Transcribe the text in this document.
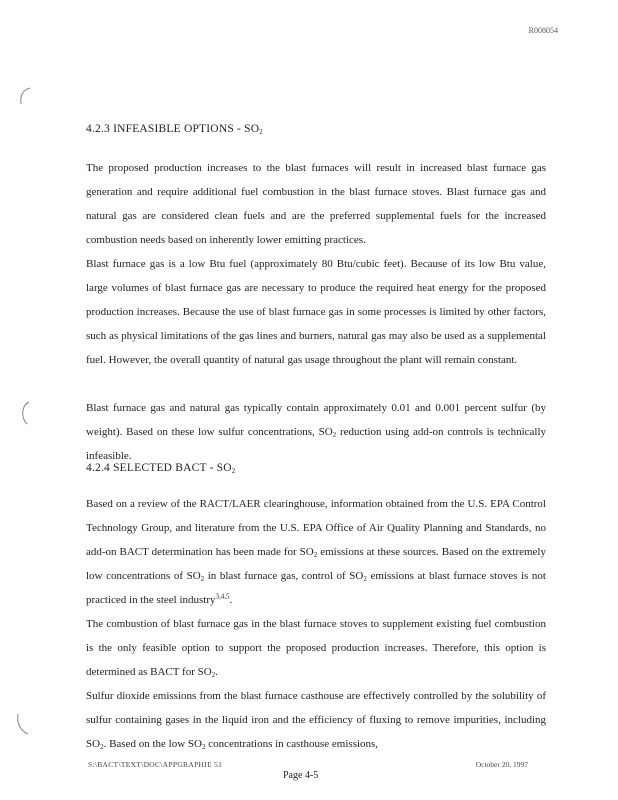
R008054
4.2.3 INFEASIBLE OPTIONS - $SO_2$

The proposed production increases to the blast furnaces will result in increased blast furnace gas generation and require additional fuel combustion in the blast furnace stoves. Blast furnace gas and natural gas are considered clean fuels and are the preferred supplemental fuels for the increased combustion needs based on inherently lower emitting practices.

Blast furnace gas is a low Btu fuel (approximately 80 Btu/cubic feet). Because of its low Btu value, large volumes of blast furnace gas are necessary to produce the required heat energy for the proposed production increases. Because the use of blast furnace gas in some processes is limited by other factors, such as physical limitations of the gas lines and burners, natural gas may also be used as a supplemental fuel. However, the overall quantity of natural gas usage throughout the plant will remain constant.

Blast furnace gas and natural gas typically contain approximately 0.01 and 0.001 percent sulfur (by weight). Based on these low sulfur concentrations, $SO_2$ reduction using add-on controls is technically infeasible.

4.2.4 SELECTED BACT - $SO_2$

Based on a review of the RACT/LAER clearinghouse, information obtained from the U.S. EPA Control Technology Group, and literature from the U.S. EPA Office of Air Quality Planning and Standards, no add-on BACT determination has been made for $SO_2$ emissions at these sources. Based on the extremely low concentrations of $SO_2$ in blast furnace gas, control of $SO_2$ emissions at blast furnace stoves is not practiced in the steel industry$^{3,4,5}$.

The combustion of blast furnace gas in the blast furnace stoves to supplement existing fuel combustion is the only feasible option to support the proposed production increases. Therefore, this option is determined as BACT for $SO_2$.

Sulfur dioxide emissions from the blast furnace casthouse are effectively controlled by the solubility of sulfur containing gases in the liquid iron and the efficiency of fluxing to remove impurities, including $SO_2$. Based on the low $SO_2$ concentrations in casthouse emissions,

S:\BACT\TEXT\DOC\APPGRAPHIE 51	October 20, 1997
Page 4-5
